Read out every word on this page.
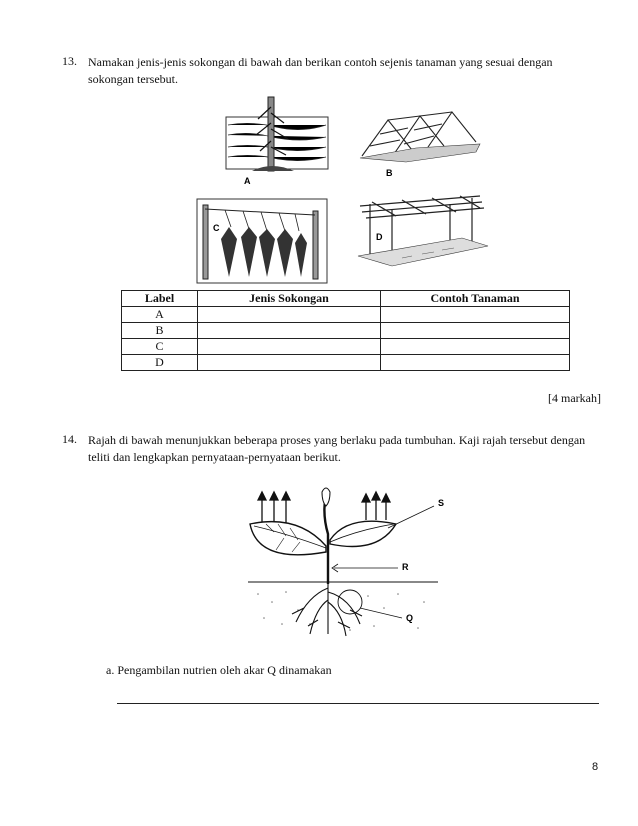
13. Namakan jenis-jenis sokongan di bawah dan berikan contoh sejenis tanaman yang sesuai dengan sokongan tersebut.
A
B
C
D
Label	Jenis Sokongan	Contoh Tanaman
A		
B		
C		
D		
[4 markah]
14. Rajah di bawah menunjukkan beberapa proses yang berlaku pada tumbuhan. Kaji rajah tersebut dengan teliti dan lengkapkan pernyataan-pernyataan berikut.
S
R
Q
a. Pengambilan nutrien oleh akar Q dinamakan
8
